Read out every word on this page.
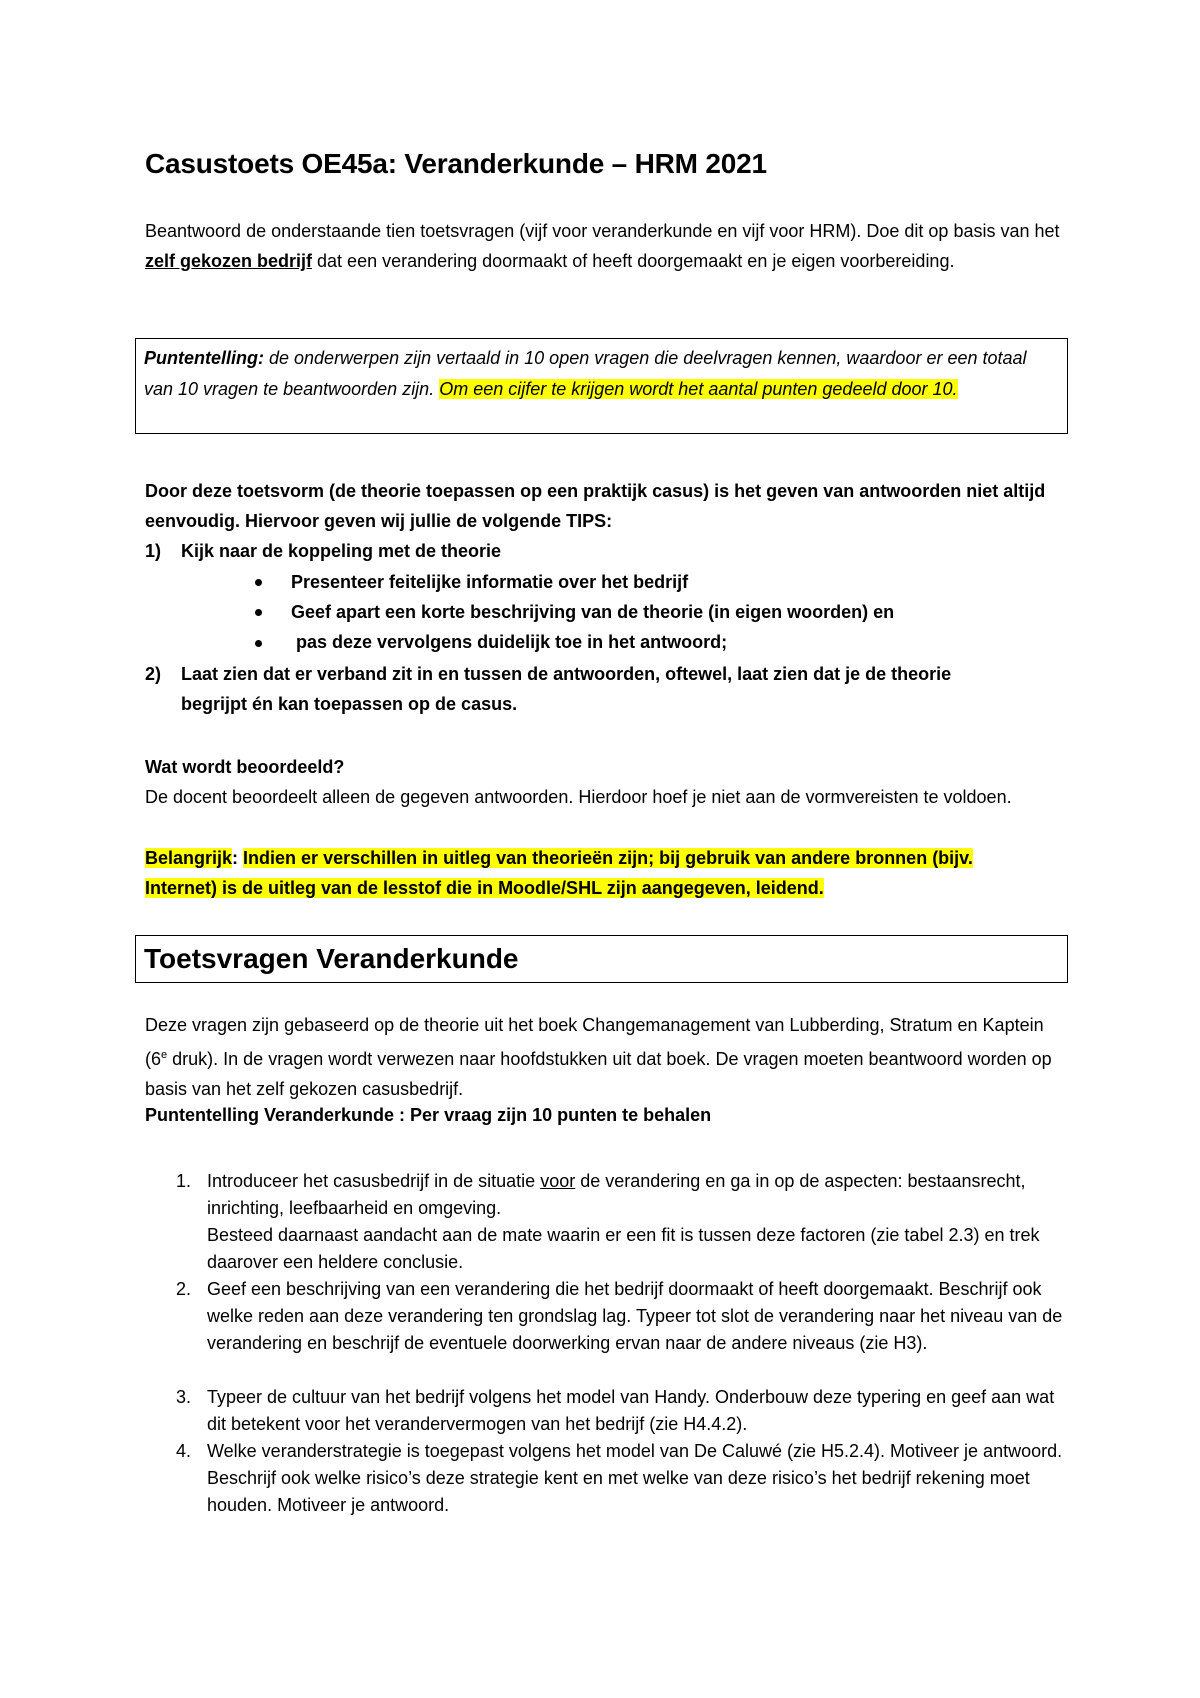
Casustoets OE45a: Veranderkunde – HRM 2021

Beantwoord de onderstaande tien toetsvragen (vijf voor veranderkunde en vijf voor HRM). Doe dit op basis van het zelf gekozen bedrijf dat een verandering doormaakt of heeft doorgemaakt en je eigen voorbereiding.

Puntentelling: de onderwerpen zijn vertaald in 10 open vragen die deelvragen kennen, waardoor er een totaal van 10 vragen te beantwoorden zijn. Om een cijfer te krijgen wordt het aantal punten gedeeld door 10.

Door deze toetsvorm (de theorie toepassen op een praktijk casus) is het geven van antwoorden niet altijd eenvoudig. Hiervoor geven wij jullie de volgende TIPS:

1) Kijk naar de koppeling met de theorie
Presenteer feitelijke informatie over het bedrijf
Geef apart een korte beschrijving van de theorie (in eigen woorden) en
pas deze vervolgens duidelijk toe in het antwoord;
2) Laat zien dat er verband zit in en tussen de antwoorden, oftewel, laat zien dat je de theorie
begrijpt én kan toepassen op de casus.

Wat wordt beoordeeld?

De docent beoordeelt alleen de gegeven antwoorden. Hierdoor hoef je niet aan de vormvereisten te voldoen.

Belangrijk: Indien er verschillen in uitleg van theorieën zijn; bij gebruik van andere bronnen (bijv.
Internet) is de uitleg van de lesstof die in Moodle/SHL zijn aangegeven, leidend.

Toetsvragen Veranderkunde

Deze vragen zijn gebaseerd op de theorie uit het boek Changemanagement van Lubberding, Stratum en Kaptein (6e druk). In de vragen wordt verwezen naar hoofdstukken uit dat boek. De vragen moeten beantwoord worden op basis van het zelf gekozen casusbedrijf.

Puntentelling Veranderkunde : Per vraag zijn 10 punten te behalen

1. Introduceer het casusbedrijf in de situatie voor de verandering en ga in op de aspecten: bestaansrecht, inrichting, leefbaarheid en omgeving.
Besteed daarnaast aandacht aan de mate waarin er een fit is tussen deze factoren (zie tabel 2.3) en trek daarover een heldere conclusie.
2. Geef een beschrijving van een verandering die het bedrijf doormaakt of heeft doorgemaakt. Beschrijf ook welke reden aan deze verandering ten grondslag lag. Typeer tot slot de verandering naar het niveau van de verandering en beschrijf de eventuele doorwerking ervan naar de andere niveaus (zie H3).
3. Typeer de cultuur van het bedrijf volgens het model van Handy. Onderbouw deze typering en geef aan wat dit betekent voor het verandervermogen van het bedrijf (zie H4.4.2).
4. Welke veranderstrategie is toegepast volgens het model van De Caluwé (zie H5.2.4). Motiveer je antwoord.
Beschrijf ook welke risico’s deze strategie kent en met welke van deze risico’s het bedrijf rekening moet houden. Motiveer je antwoord.
